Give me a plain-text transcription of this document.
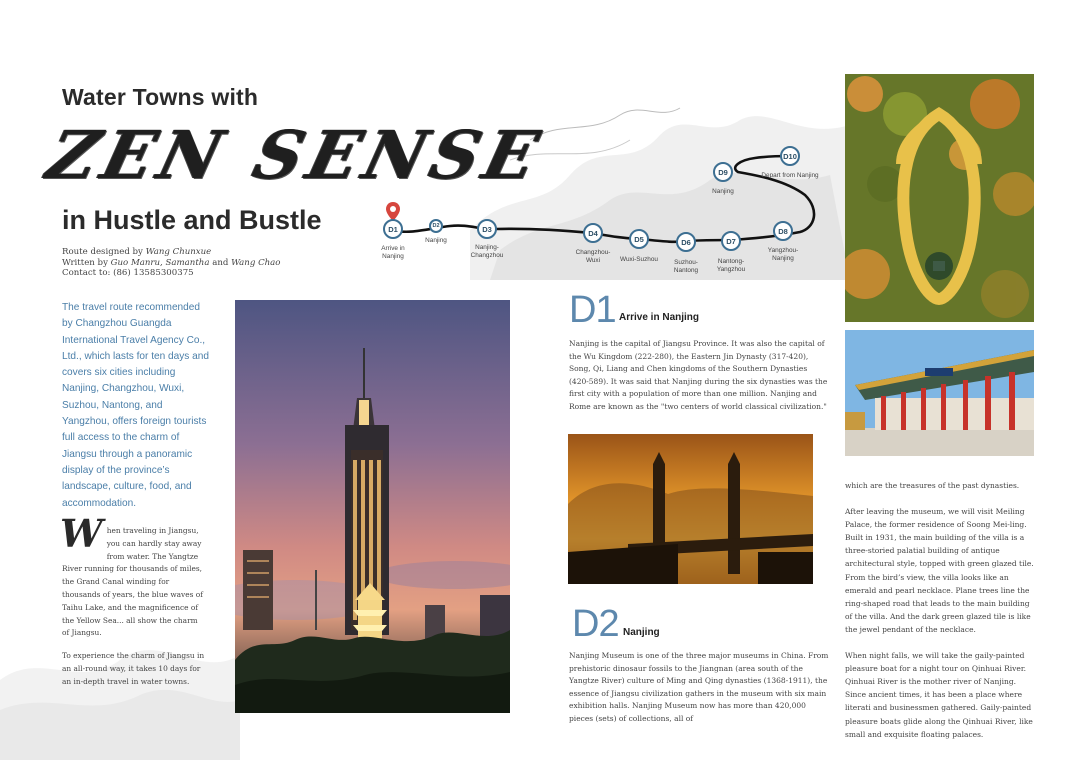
Water Towns with
ZEN SENSE
in Hustle and Bustle
Route designed by Wang Chunxue
Written by Guo Manru, Samantha and Wang Chao
Contact to: (86) 13585300375
The travel route recommended by Changzhou Guangda International Travel Agency Co., Ltd., which lasts for ten days and covers six cities including Nanjing, Changzhou, Wuxi, Suzhou, Nantong, and Yangzhou, offers foreign tourists full access to the charm of Jiangsu through a panoramic display of the province’s landscape, culture, food, and accommodation.

When traveling in Jiangsu, you can hardly stay away from water. The Yangtze River running for thousands of miles, the Grand Canal winding for thousands of years, the blue waves of Taihu Lake, and the magnificence of the Yellow Sea... all show the charm of Jiangsu.

To experience the charm of Jiangsu in an all-round way, it takes 10 days for an in-depth travel in water towns.

D1
Arrive in Nanjing
D2
Nanjing
D3
Nanjing-Changzhou
D4
Changzhou-Wuxi
D5
Wuxi-Suzhou
D6
Suzhou-Nantong
D7
Nantong-Yangzhou
D8
Yangzhou-Nanjing
D9
Nanjing
D10
Depart from Nanjing
D1 Arrive in Nanjing
Nanjing is the capital of Jiangsu Province. It was also the capital of the Wu Kingdom (222-280), the Eastern Jin Dynasty (317-420), Song, Qi, Liang and Chen kingdoms of the Southern Dynasties (420-589). It was said that Nanjing during the six dynasties was the first city with a population of more than one million. Nanjing and Rome are known as the "two centers of world classical civilization."
D2 Nanjing
Nanjing Museum is one of the three major museums in China. From prehistoric dinosaur fossils to the Jiangnan (area south of the Yangtze River) culture of Ming and Qing dynasties (1368-1911), the essence of Jiangsu civilization gathers in the museum with six main exhibition halls. Nanjing Museum now has more than 420,000 pieces (sets) of collections, all of

which are the treasures of the past dynasties.

After leaving the museum, we will visit Meiling Palace, the former residence of Soong Mei-ling. Built in 1931, the main building of the villa is a three-storied palatial building of antique architectural style, topped with green glazed tile. From the bird’s view, the villa looks like an emerald and pearl necklace. Plane trees line the ring-shaped road that leads to the main building of the villa. And the dark green glazed tile is like the jewel pendant of the necklace.

When night falls, we will take the gaily-painted pleasure boat for a night tour on Qinhuai River. Qinhuai River is the mother river of Nanjing. Since ancient times, it has been a place where literati and businessmen gathered. Gaily-painted pleasure boats glide along the Qinhuai River, like small and exquisite floating palaces.
